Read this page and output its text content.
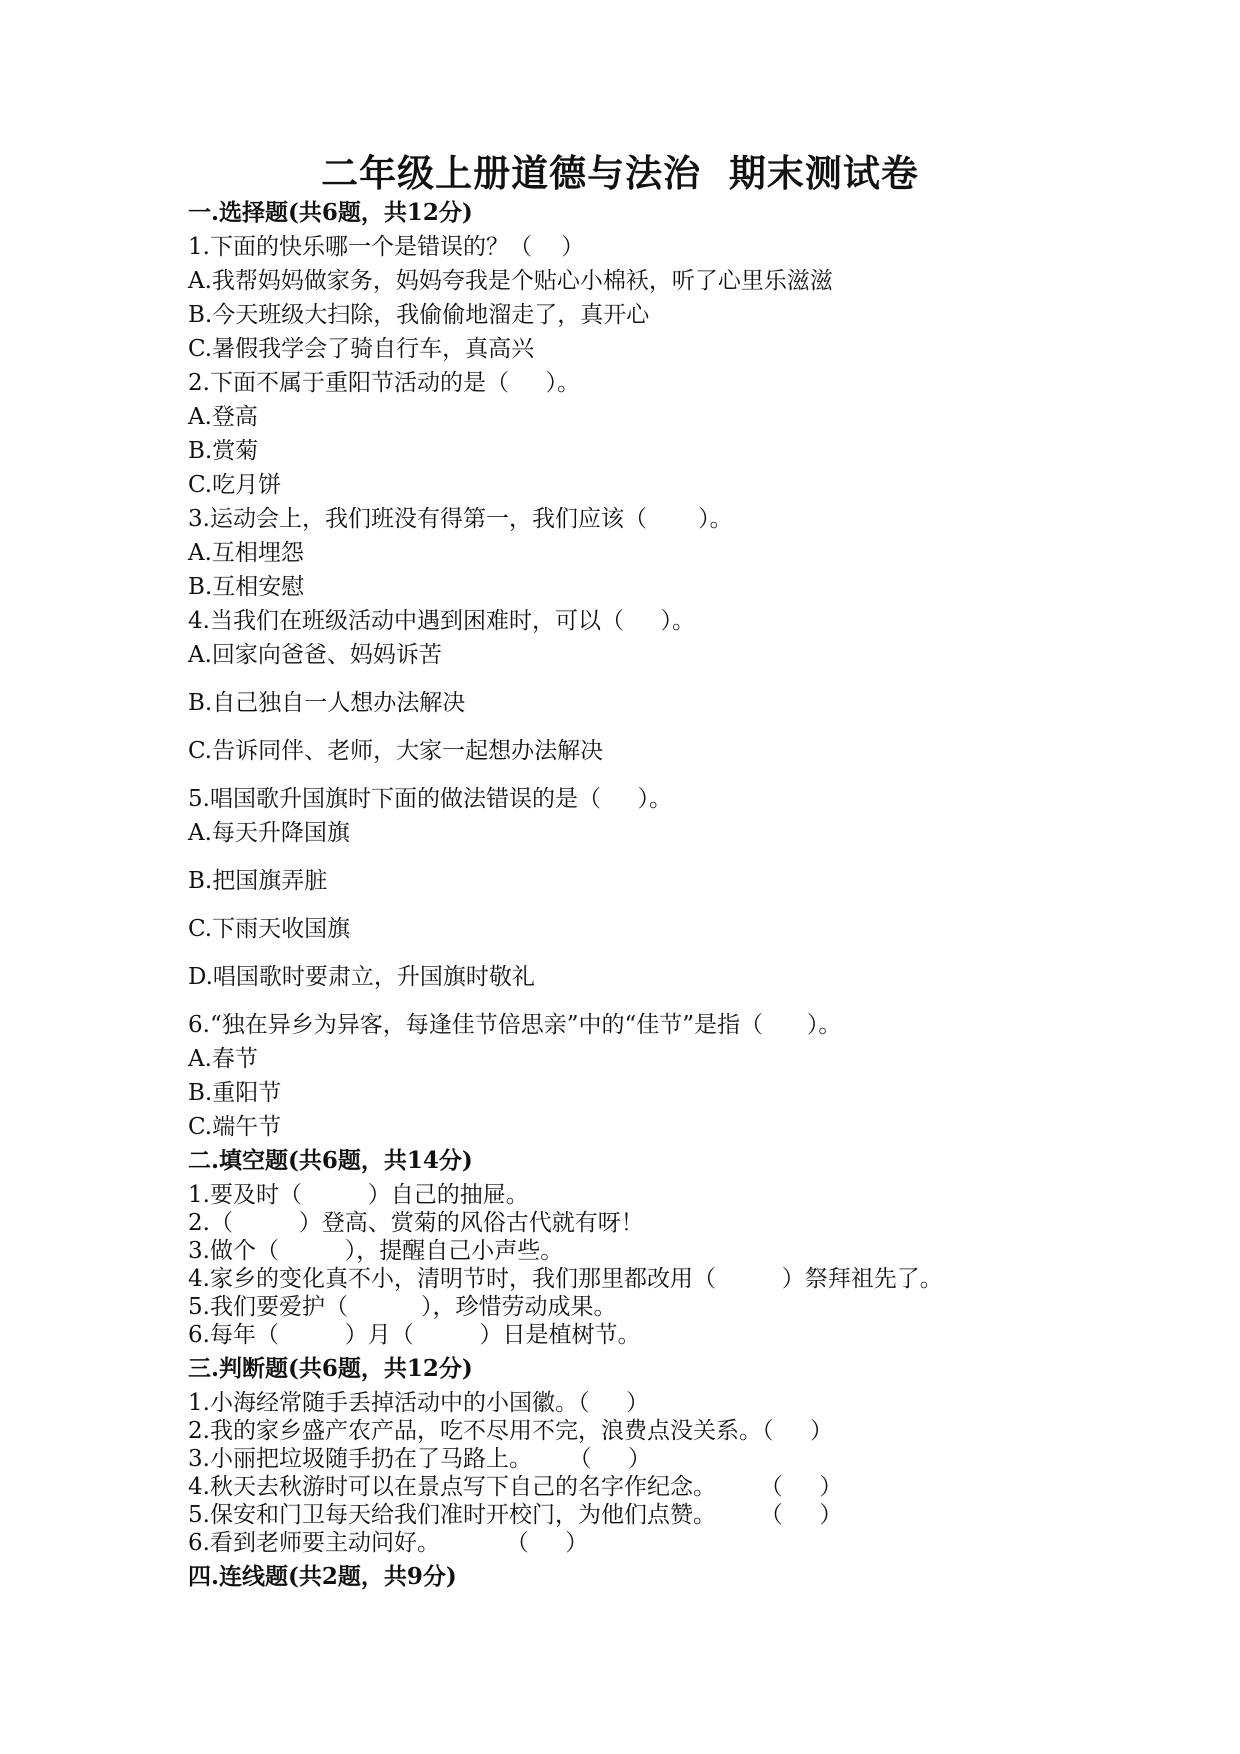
二年级上册道德与法治  期末测试卷
一.选择题(共6题，共12分)
1.下面的快乐哪一个是错误的？（    ）
A.我帮妈妈做家务，妈妈夸我是个贴心小棉袄，听了心里乐滋滋
B.今天班级大扫除，我偷偷地溜走了，真开心
C.暑假我学会了骑自行车，真高兴
2.下面不属于重阳节活动的是（     ）。
A.登高
B.赏菊
C.吃月饼
3.运动会上，我们班没有得第一，我们应该（       ）。
A.互相埋怨
B.互相安慰
4.当我们在班级活动中遇到困难时，可以（     ）。
A.回家向爸爸、妈妈诉苦
B.自己独自一人想办法解决
C.告诉同伴、老师，大家一起想办法解决
5.唱国歌升国旗时下面的做法错误的是（     ）。
A.每天升降国旗
B.把国旗弄脏
C.下雨天收国旗
D.唱国歌时要肃立，升国旗时敬礼
6.“独在异乡为异客，每逢佳节倍思亲”中的“佳节”是指（      ）。
A.春节
B.重阳节
C.端午节
二.填空题(共6题，共14分)
1.要及时（         ）自己的抽屉。
2.（         ）登高、赏菊的风俗古代就有呀！
3.做个（         ），提醒自己小声些。
4.家乡的变化真不小，清明节时，我们那里都改用（         ）祭拜祖先了。
5.我们要爱护（          ），珍惜劳动成果。
6.每年（         ）月（         ）日是植树节。
三.判断题(共6题，共12分)
1.小海经常随手丢掉活动中的小国徽。（     ）
2.我的家乡盛产农产品，吃不尽用不完，浪费点没关系。（     ）
3.小丽把垃圾随手扔在了马路上。     （     ）
4.秋天去秋游时可以在景点写下自己的名字作纪念。      （     ）
5.保安和门卫每天给我们准时开校门，为他们点赞。      （     ）
6.看到老师要主动问好。         （     ）
四.连线题(共2题，共9分)
